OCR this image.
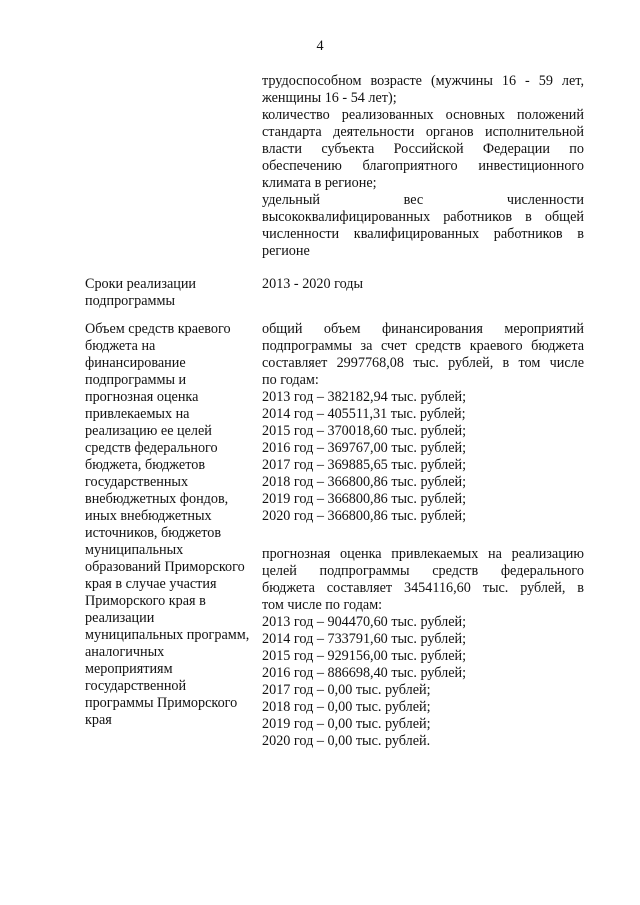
4
трудоспособном возрасте (мужчины 16 - 59 лет,
женщины 16 - 54 лет);
количество реализованных основных положений
стандарта деятельности органов исполнительной
власти субъекта Российской Федерации по
обеспечению благоприятного инвестиционного
климата в регионе;
удельный вес численности
высококвалифицированных работников в общей
численности квалифицированных работников в
регионе
Сроки реализации
подпрограммы
2013 - 2020 годы
Объем средств краевого
бюджета на
финансирование
подпрограммы и
прогнозная оценка
привлекаемых на
реализацию ее целей
средств федерального
бюджета, бюджетов
государственных
внебюджетных фондов,
иных внебюджетных
источников, бюджетов
муниципальных
образований Приморского
края в случае участия
Приморского края в
реализации
муниципальных программ,
аналогичных
мероприятиям
государственной
программы Приморского
края
общий объем финансирования мероприятий
подпрограммы за счет средств краевого бюджета
составляет 2997768,08 тыс. рублей, в том числе
по годам:
2013 год – 382182,94 тыс. рублей;
2014 год – 405511,31 тыс. рублей;
2015 год – 370018,60 тыс. рублей;
2016 год – 369767,00 тыс. рублей;
2017 год – 369885,65 тыс. рублей;
2018 год – 366800,86 тыс. рублей;
2019 год – 366800,86 тыс. рублей;
2020 год – 366800,86 тыс. рублей;
прогнозная оценка привлекаемых на реализацию
целей подпрограммы средств федерального
бюджета составляет 3454116,60 тыс. рублей, в
том числе по годам:
2013 год – 904470,60 тыс. рублей;
2014 год – 733791,60 тыс. рублей;
2015 год – 929156,00 тыс. рублей;
2016 год – 886698,40 тыс. рублей;
2017 год – 0,00 тыс. рублей;
2018 год – 0,00 тыс. рублей;
2019 год – 0,00 тыс. рублей;
2020 год – 0,00 тыс. рублей.
